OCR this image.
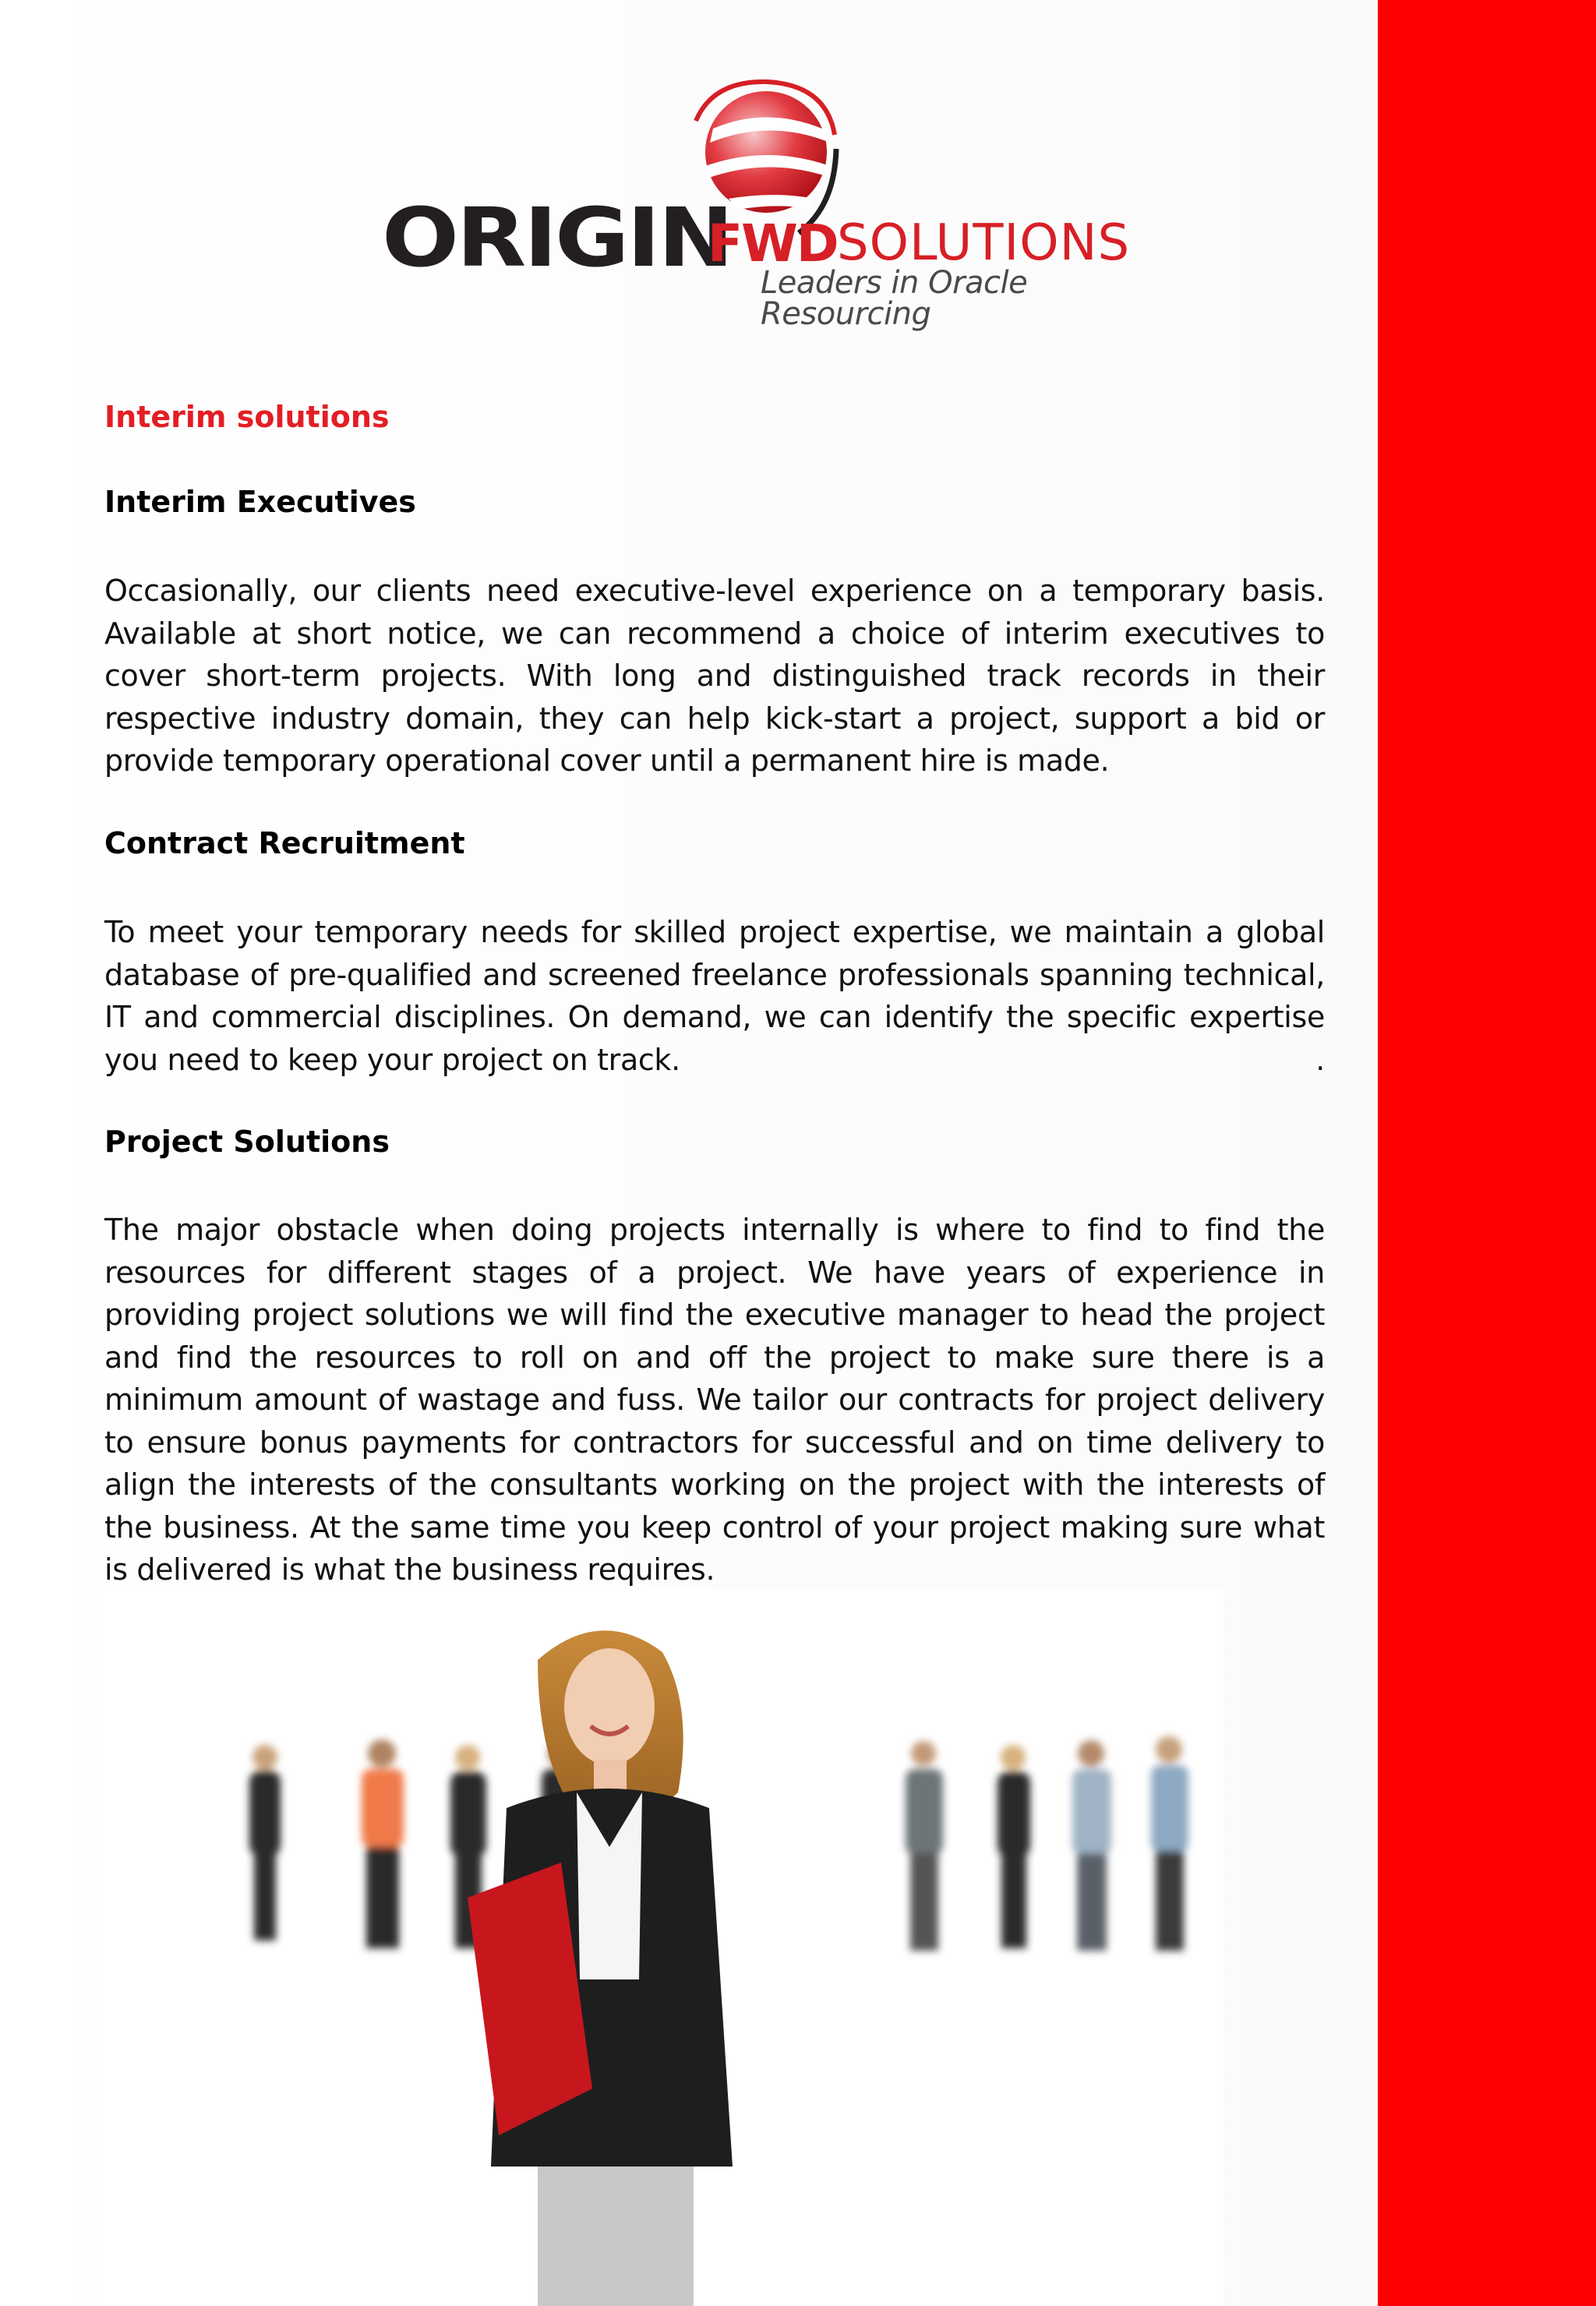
ORIGIN
FWD SOLUTIONS
Leaders in Oracle Resourcing
Interim solutions
Interim Executives

Occasionally, our clients need executive-level experience on a temporary basis. Available at short notice, we can recommend a choice of interim executives to cover short-term projects. With long and distinguished track records in their respective industry domain, they can help kick-start a project, support a bid or provide temporary operational cover until a permanent hire is made.

Contract Recruitment

To meet your temporary needs for skilled project expertise, we maintain a global database of pre-qualified and screened freelance professionals spanning technical, IT and commercial disciplines. On demand, we can identify the specific expertise you need to keep your project on track.	.

Project Solutions

The major obstacle when doing projects internally is where to find to find the resources for different stages of a project. We have years of experience in providing project solutions we will find the executive manager to head the project and find the resources to roll on and off the project to make sure there is a minimum amount of wastage and fuss. We tailor our contracts for project delivery to ensure bonus payments for contractors for successful and on time delivery to align the interests of the consultants working on the project with the interests of the business. At the same time you keep control of your project making sure what is delivered is what the business requires.
